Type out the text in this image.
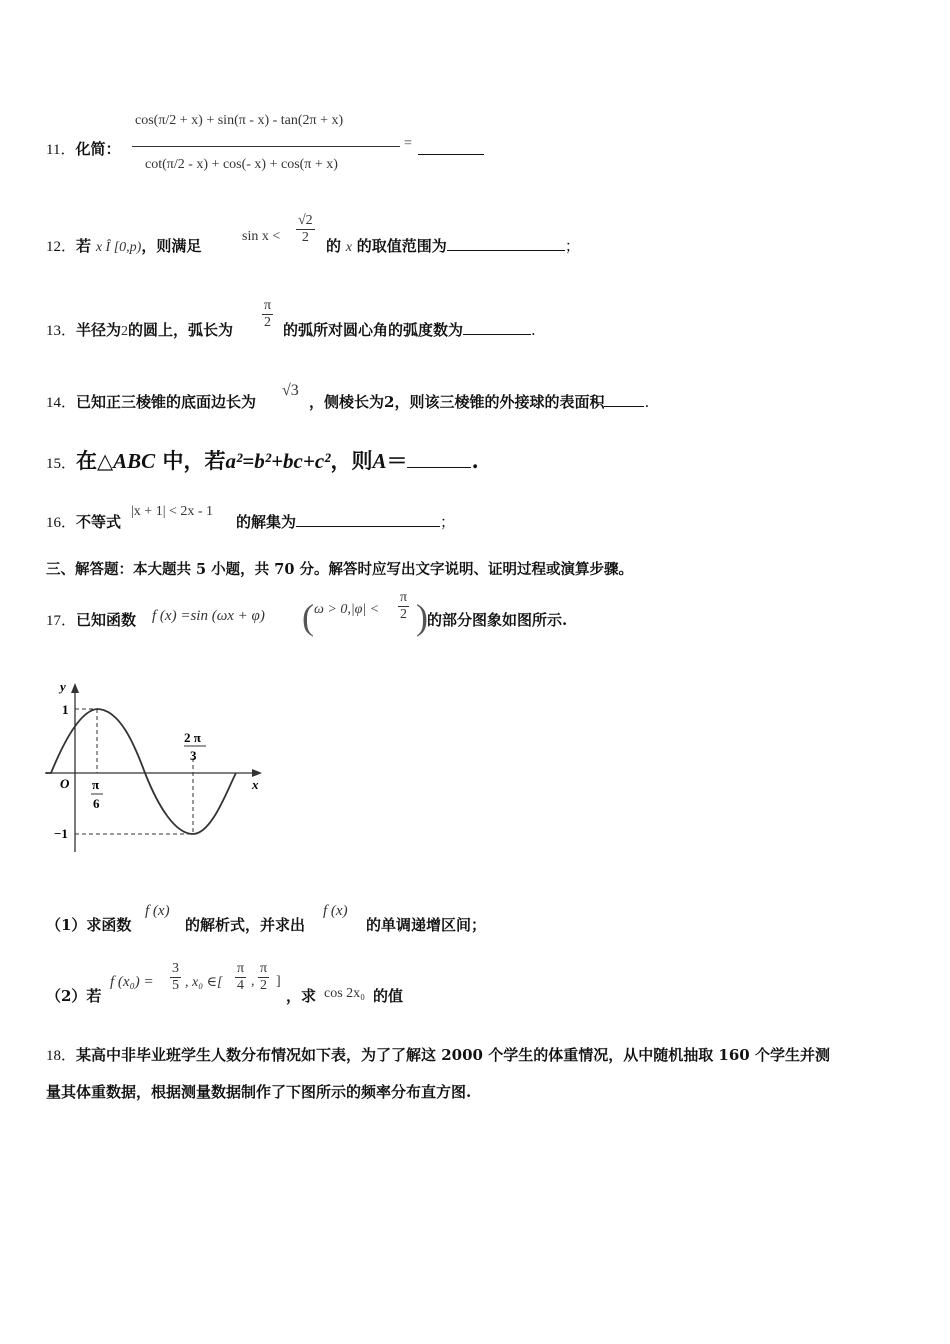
11．化简：
cos(π/2 + x) + sin(π - x) - tan(2π + x)
cot(π/2 - x) + cos(- x) + cos(π + x)
=
12．若 x Î [0,p)，则满足
$\sin x < \frac{√2}{2}$ 的 x 的取值范围为	；
13．半径为2的圆上，弧长为 $\frac{\pi}{2}$ 的弧所对圆心角的弧度数为	.
14．已知正三棱锥的底面边长为
√3
，侧棱长为2，则该三棱锥的外接球的表面积	.
15．在△ABC 中，若a²=b²+bc+c²，则A＝	.
16．不等式
|x + 1| < 2x - 1
的解集为	；
三、解答题：本大题共 5 小题，共 70 分。解答时应写出文字说明、证明过程或演算步骤。
17．已知函数 f (x) =sin (ωx + φ) ( $\omega > 0,|\varphi| < \frac{\pi}{2}$ ) 的部分图象如图所示.
y
x
O
1
−1
π
6
2 π
3
（1）求函数
f (x)
的解析式，并求出
f (x)
的单调递增区间；
（2）若
f $(x_0) = \frac{3}{5}$ , x₀ ∈[ $\frac{\pi}{4}$ , $\frac{\pi}{2}$ ]
，求 cos 2x₀ 的值
18．某高中非毕业班学生人数分布情况如下表，为了了解这 2000 个学生的体重情况，从中随机抽取 160 个学生并测
量其体重数据，根据测量数据制作了下图所示的频率分布直方图.
